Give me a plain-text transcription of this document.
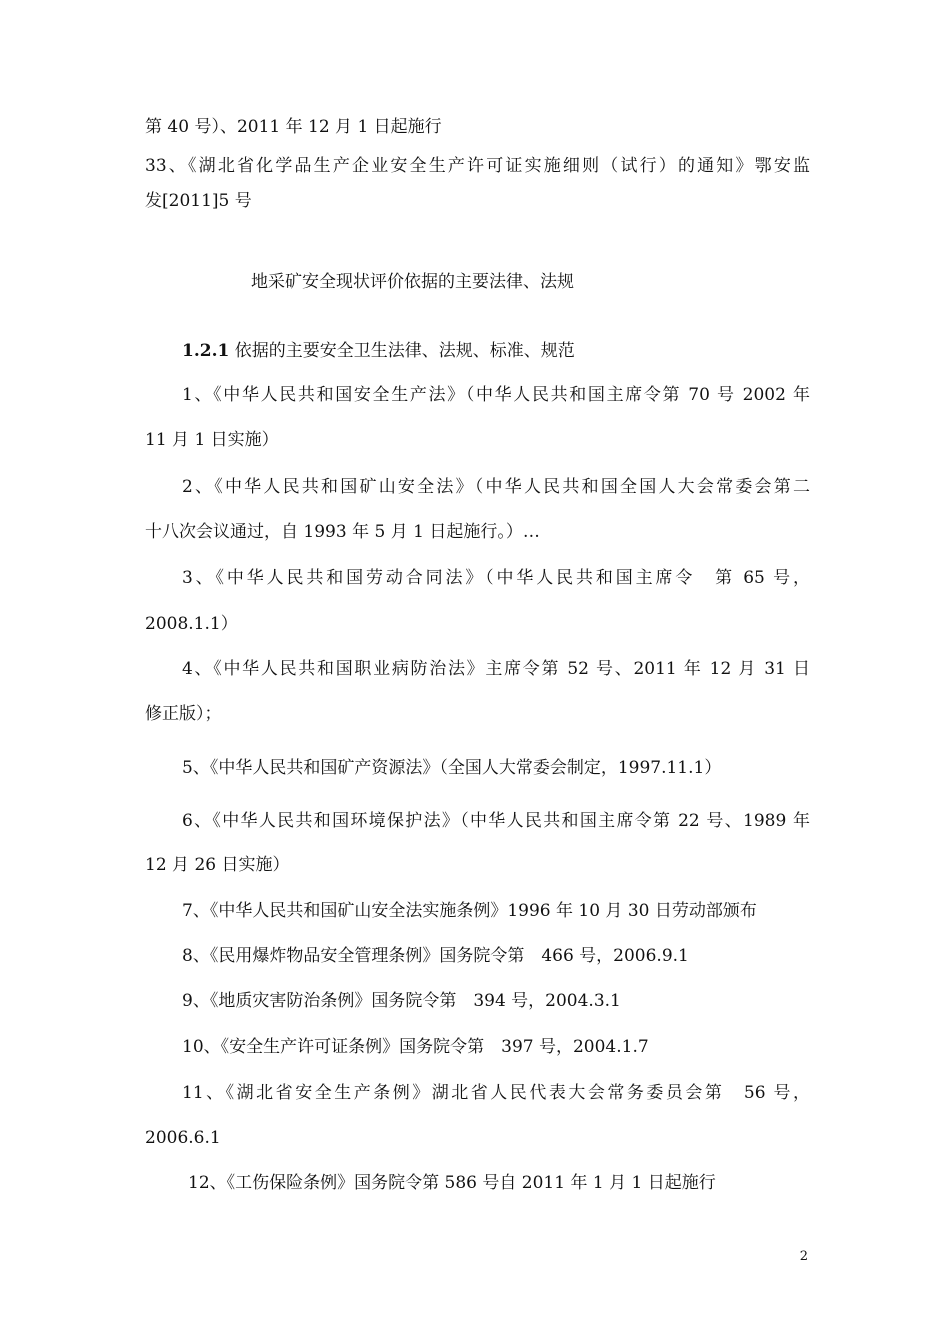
第 40 号）、2011 年 12 月 1 日起施行
33、《湖北省化学品生产企业安全生产许可证实施细则（试行）的通知》鄂安监
发[2011]5 号
地采矿安全现状评价依据的主要法律、法规
1.2.1 依据的主要安全卫生法律、法规、标准、规范
1、《中华人民共和国安全生产法》（中华人民共和国主席令第 70 号 2002 年
11 月 1 日实施）
2、《中华人民共和国矿山安全法》（中华人民共和国全国人大会常委会第二
十八次会议通过，自 1993 年 5 月 1 日起施行。）…
3、《中华人民共和国劳动合同法》（中华人民共和国主席令　第 65 号，
2008.1.1）
4、《中华人民共和国职业病防治法》主席令第 52 号、2011 年 12 月 31 日
修正版）；
5、《中华人民共和国矿产资源法》（全国人大常委会制定，1997.11.1）
6、《中华人民共和国环境保护法》（中华人民共和国主席令第 22 号、1989 年
12 月 26 日实施）
7、《中华人民共和国矿山安全法实施条例》1996 年 10 月 30 日劳动部颁布
8、《民用爆炸物品安全管理条例》国务院令第　466 号，2006.9.1
9、《地质灾害防治条例》国务院令第　394 号，2004.3.1
10、《安全生产许可证条例》国务院令第　397 号，2004.1.7
11、《湖北省安全生产条例》湖北省人民代表大会常务委员会第　56 号，
2006.6.1
12、《工伤保险条例》国务院令第 586 号自 2011 年 1 月 1 日起施行
2
